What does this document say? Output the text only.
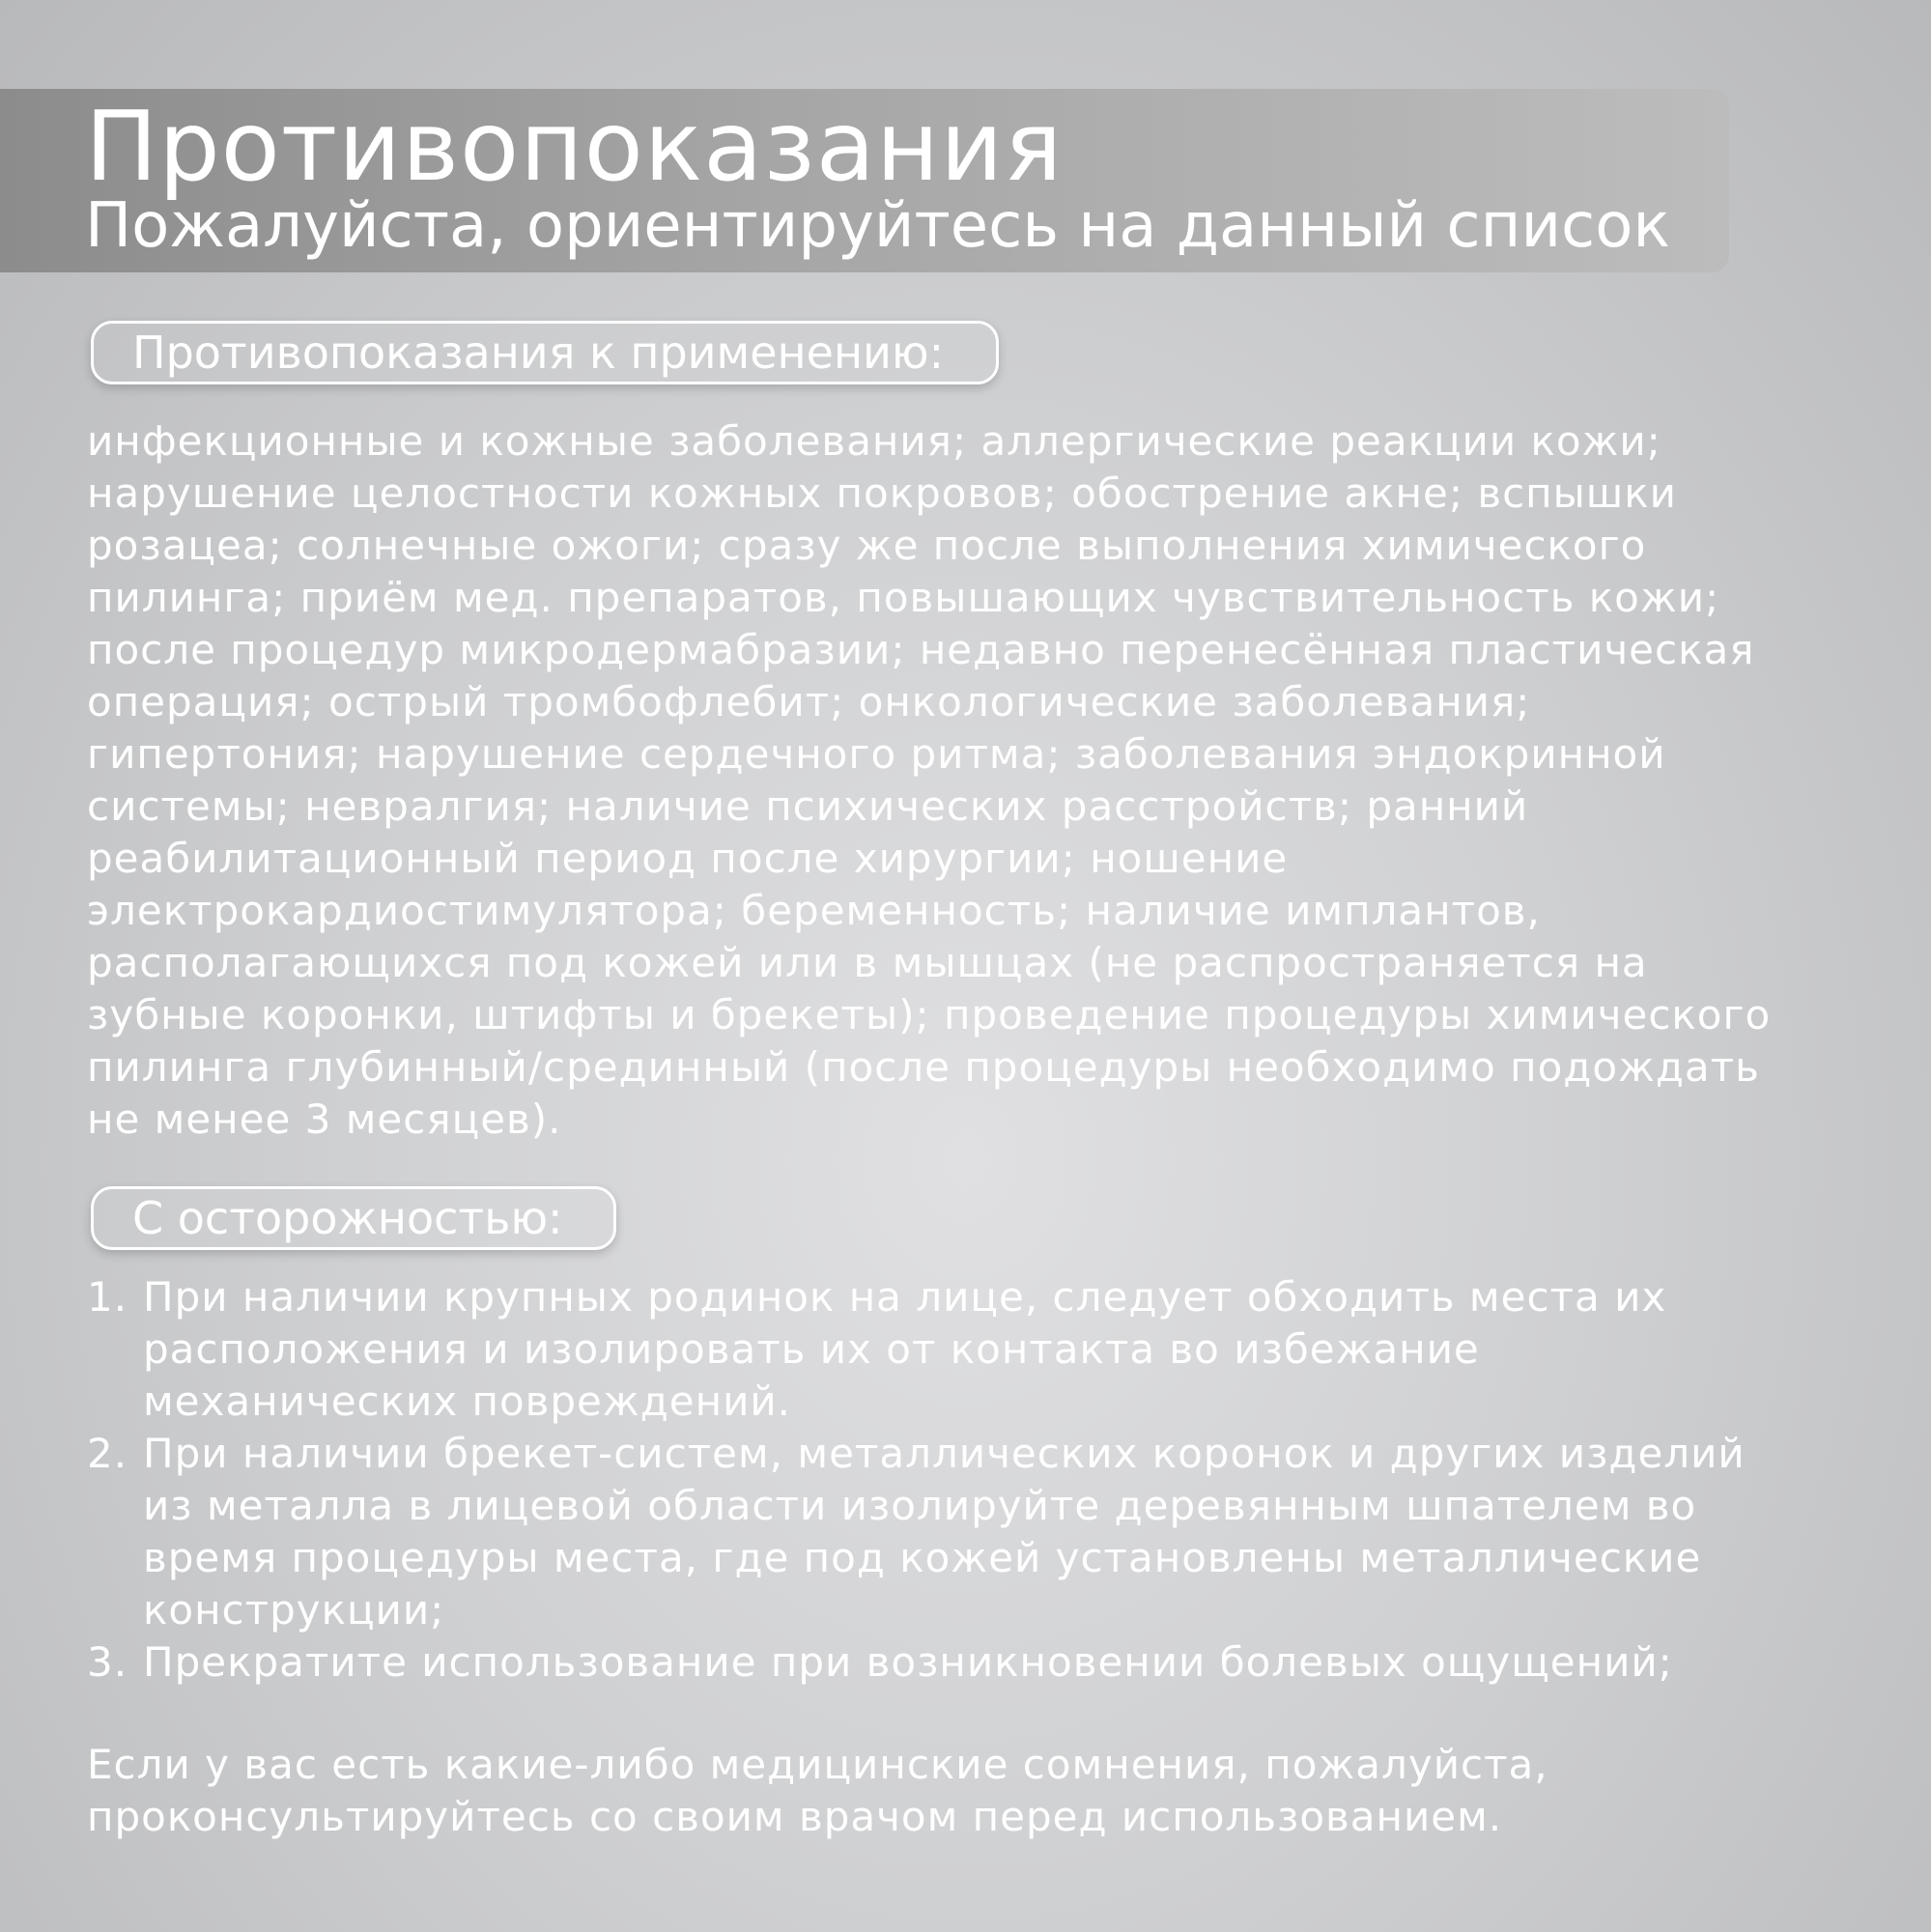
Противопоказания

Пожалуйста, ориентируйтесь на данный список

Противопоказания к применению:

инфекционные и кожные заболевания; аллергические реакции кожи;
нарушение целостности кожных покровов; обострение акне; вспышки
розацеа; солнечные ожоги; сразу же после выполнения химического
пилинга; приём мед. препаратов, повышающих чувствительность кожи;
после процедур микродермабразии; недавно перенесённая пластическая
операция; острый тромбофлебит; онкологические заболевания;
гипертония; нарушение сердечного ритма; заболевания эндокринной
системы; невралгия; наличие психических расстройств; ранний
реабилитационный период после хирургии; ношение
электрокардиостимулятора; беременность; наличие имплантов,
располагающихся под кожей или в мышцах (не распространяется на
зубные коронки, штифты и брекеты); проведение процедуры химического
пилинга глубинный/срединный (после процедуры необходимо подождать
не менее 3 месяцев).

С осторожностью:
1. При наличии крупных родинок на лице, следует обходить места их
расположения и изолировать их от контакта во избежание
механических повреждений.
2. При наличии брекет-систем, металлических коронок и других изделий
из металла в лицевой области изолируйте деревянным шпателем во
время процедуры места, где под кожей установлены металлические
конструкции;
3. Прекратите использование при возникновении болевых ощущений;

Если у вас есть какие-либо медицинские сомнения, пожалуйста,
проконсультируйтесь со своим врачом перед использованием.
